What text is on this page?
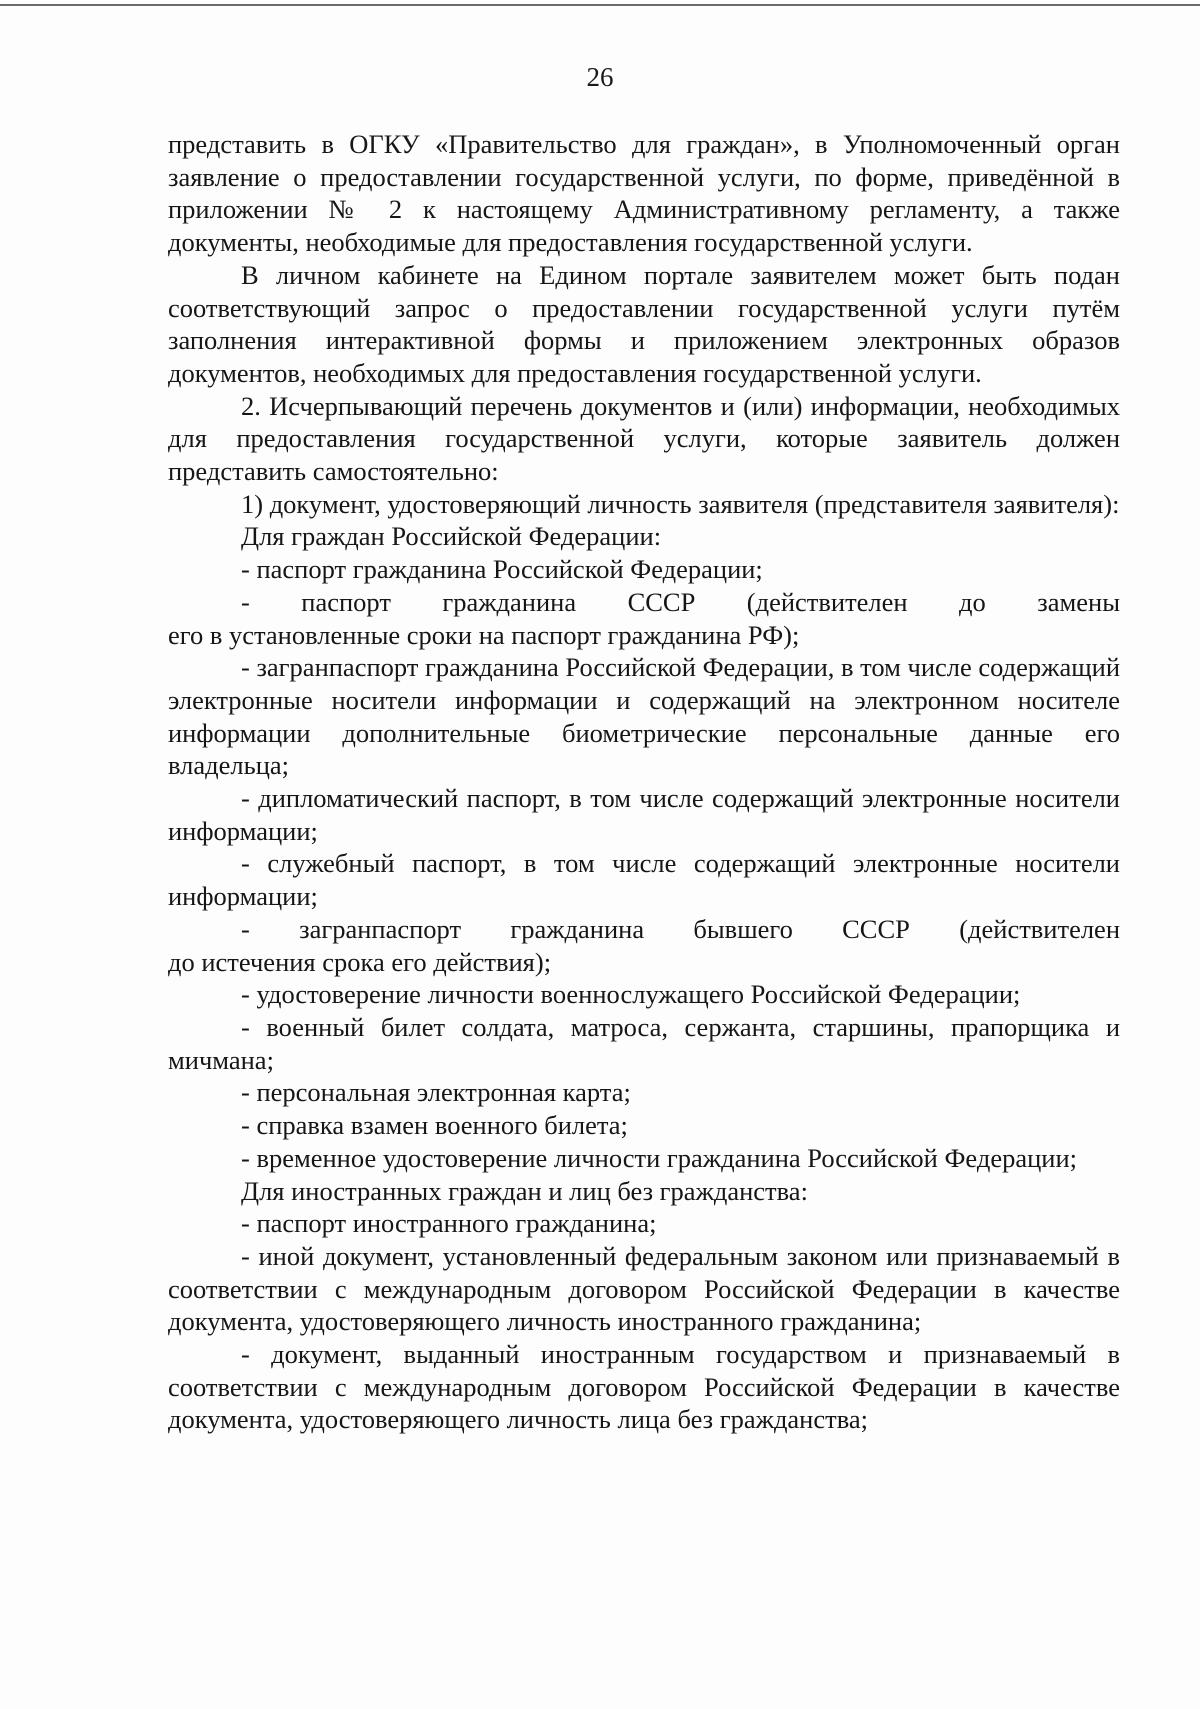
26

представить в ОГКУ «Правительство для граждан», в Уполномоченный орган заявление о предоставлении государственной услуги, по форме, приведённой в приложении № 2 к настоящему Административному регламенту, а также документы, необходимые для предоставления государственной услуги.

В личном кабинете на Едином портале заявителем может быть подан соответствующий запрос о предоставлении государственной услуги путём заполнения интерактивной формы и приложением электронных образов документов, необходимых для предоставления государственной услуги.

2. Исчерпывающий перечень документов и (или) информации, необходимых для предоставления государственной услуги, которые заявитель должен представить самостоятельно:

1) документ, удостоверяющий личность заявителя (представителя заявителя):

Для граждан Российской Федерации:

- паспорт гражданина Российской Федерации;

- паспорт гражданина СССР (действителен до замены

его в установленные сроки на паспорт гражданина РФ);

- загранпаспорт гражданина Российской Федерации, в том числе содержащий электронные носители информации и содержащий на электронном носителе информации дополнительные биометрические персональные данные его владельца;

- дипломатический паспорт, в том числе содержащий электронные носители информации;

- служебный паспорт, в том числе содержащий электронные носители информации;

- загранпаспорт гражданина бывшего СССР (действителен

до истечения срока его действия);

- удостоверение личности военнослужащего Российской Федерации;

- военный билет солдата, матроса, сержанта, старшины, прапорщика и мичмана;

- персональная электронная карта;

- справка взамен военного билета;

- временное удостоверение личности гражданина Российской Федерации;

Для иностранных граждан и лиц без гражданства:

- паспорт иностранного гражданина;

- иной документ, установленный федеральным законом или признаваемый в соответствии с международным договором Российской Федерации в качестве документа, удостоверяющего личность иностранного гражданина;

- документ, выданный иностранным государством и признаваемый в соответствии с международным договором Российской Федерации в качестве документа, удостоверяющего личность лица без гражданства;
